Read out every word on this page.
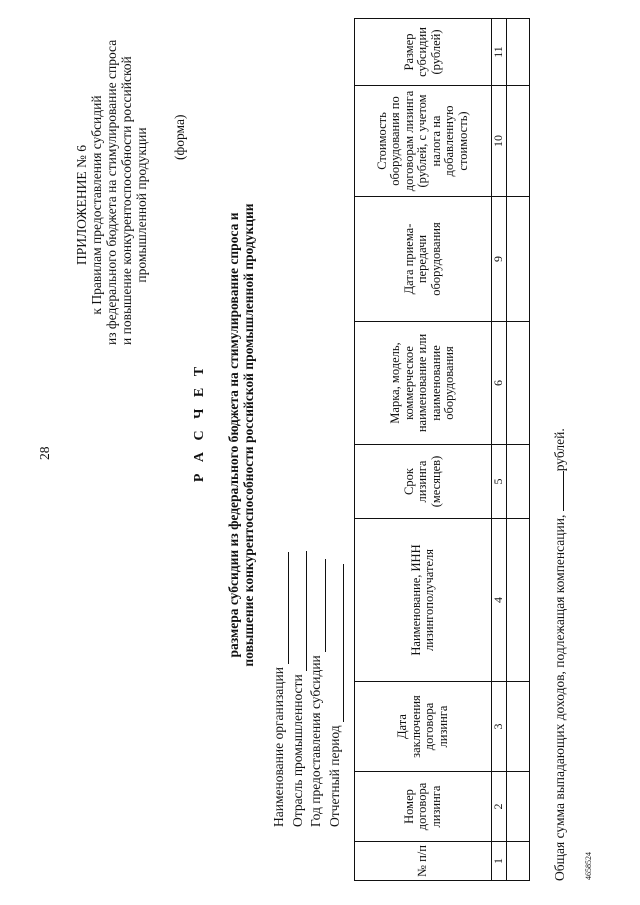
28
ПРИЛОЖЕНИЕ № 6 к Правилам предоставления субсидий из федерального бюджета на стимулирование спроса и повышение конкурентоспособности российской промышленной продукции (форма)
Р А С Ч Е Т размера субсидии из федерального бюджета на стимулирование спроса и повышение конкурентоспособности российской промышленной продукции
Наименование организации Отрасль промышленности Год предоставления субсидии Отчетный период
№ п/п	Номер договора лизинга	Дата заключения договора лизинга	Наименование, ИНН лизингополучателя	Срок лизинга (месяцев)	Марка, модель, коммерческое наименование или наименование оборудования	Дата приема-передачи оборудования	Стоимость оборудования по договорам лизинга (рублей, с учетом налога на добавленную стоимость)	Размер субсидии (рублей)
1	2	3	4	5	6	9	10	11

Общая сумма выпадающих доходов, подлежащая компенсации, рублей.
4658524
